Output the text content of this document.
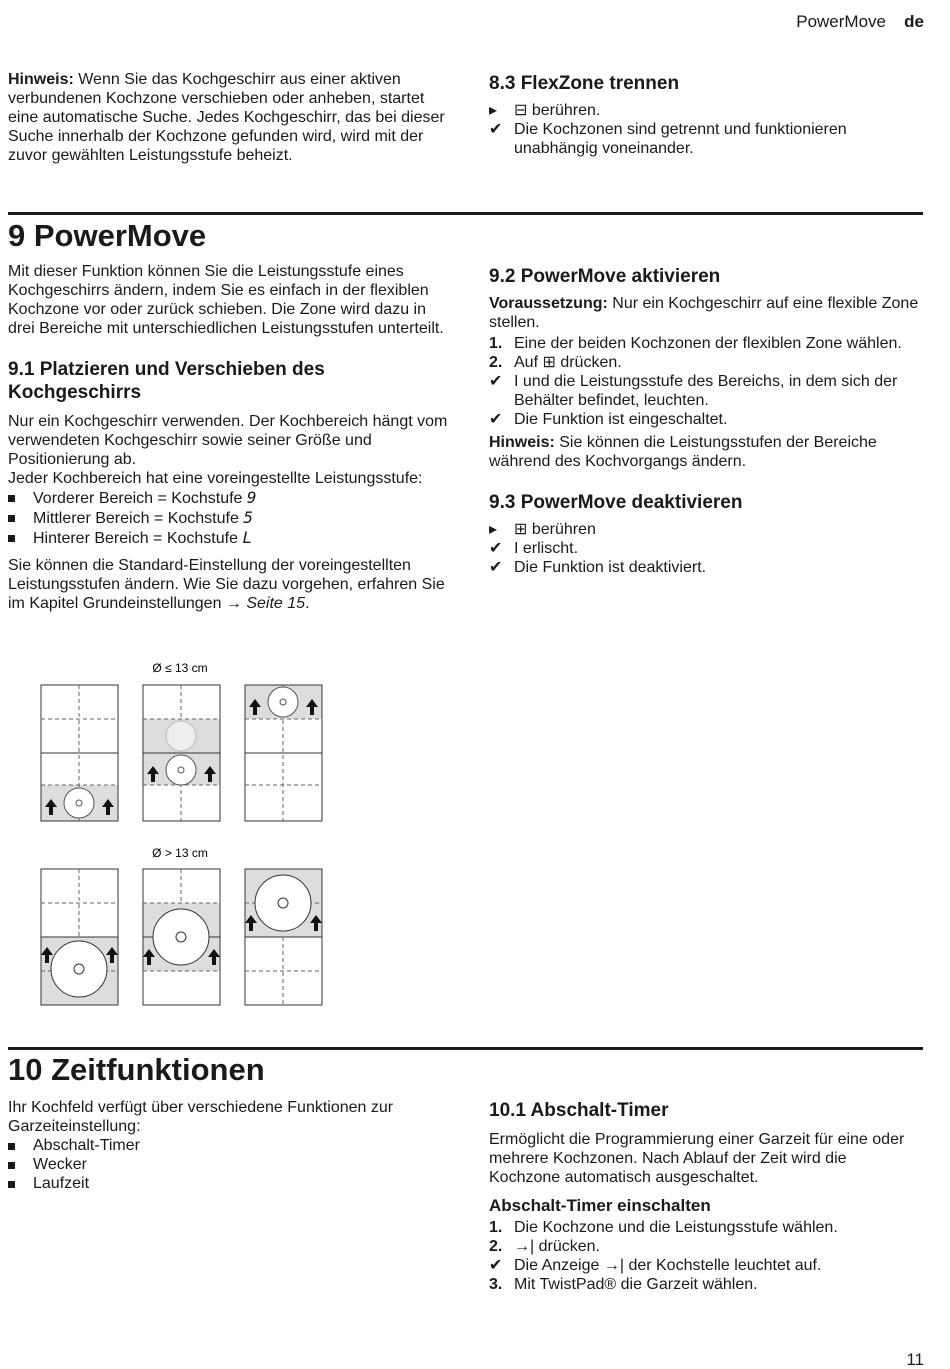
PowerMove de

Hinweis: Wenn Sie das Kochgeschirr aus einer aktiven verbundenen Kochzone verschieben oder anheben, startet eine automatische Suche. Jedes Kochgeschirr, das bei dieser Suche innerhalb der Kochzone gefunden wird, wird mit der zuvor gewählten Leistungsstufe beheizt.

8.3 FlexZone trennen
▸	⊟ berühren.
✔ Die Kochzonen sind getrennt und funktionieren unabhängig voneinander.
9 PowerMove

Mit dieser Funktion können Sie die Leistungsstufe eines Kochgeschirrs ändern, indem Sie es einfach in der flexiblen Kochzone vor oder zurück schieben. Die Zone wird dazu in drei Bereiche mit unterschiedlichen Leistungsstufen unterteilt.

9.1 Platzieren und Verschieben des Kochgeschirrs

Nur ein Kochgeschirr verwenden. Der Kochbereich hängt vom verwendeten Kochgeschirr sowie seiner Größe und Positionierung ab.

Jeder Kochbereich hat eine voreingestellte Leistungsstufe:

Vorderer Bereich = Kochstufe 9
Mittlerer Bereich = Kochstufe 5
Hinterer Bereich = Kochstufe L

Sie können die Standard-Einstellung der voreingestellten Leistungsstufen ändern. Wie Sie dazu vorgehen, erfahren Sie im Kapitel Grundeinstellungen → Seite 15.

Ø ≤ 13 cm
Ø > 13 cm
9.2 PowerMove aktivieren

Voraussetzung: Nur ein Kochgeschirr auf eine flexible Zone stellen.

1. Eine der beiden Kochzonen der flexiblen Zone wählen.
2. Auf ⊞ drücken.
✔ I und die Leistungsstufe des Bereichs, in dem sich der Behälter befindet, leuchten.
✔ Die Funktion ist eingeschaltet.

Hinweis: Sie können die Leistungsstufen der Bereiche während des Kochvorgangs ändern.

9.3 PowerMove deaktivieren
▸	⊞ berühren
✔ I erlischt.
✔ Die Funktion ist deaktiviert.
10 Zeitfunktionen

Ihr Kochfeld verfügt über verschiedene Funktionen zur Garzeiteinstellung:

Abschalt-Timer
Wecker
Laufzeit
10.1 Abschalt-Timer

Ermöglicht die Programmierung einer Garzeit für eine oder mehrere Kochzonen. Nach Ablauf der Zeit wird die Kochzone automatisch ausgeschaltet.

Abschalt-Timer einschalten
1. Die Kochzone und die Leistungsstufe wählen.
2. →| drücken.
✔ Die Anzeige →| der Kochstelle leuchtet auf.
3. Mit TwistPad® die Garzeit wählen.
11
